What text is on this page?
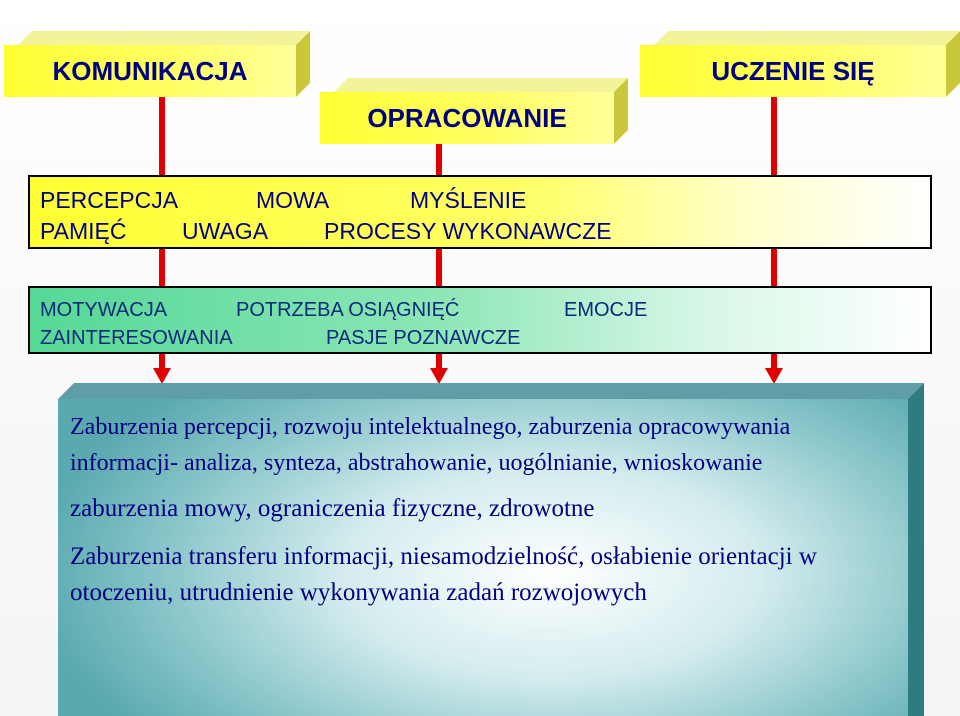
KOMUNIKACJA
OPRACOWANIE
UCZENIE SIĘ
PERCEPCJA	MOWA	MYŚLENIE
PAMIĘĆ	UWAGA	PROCESY WYKONAWCZE
MOTYWACJA	POTRZEBA OSIĄGNIĘĆ	EMOCJE
ZAINTERESOWANIA	PASJE POZNAWCZE

Zaburzenia percepcji, rozwoju intelektualnego, zaburzenia opracowywania informacji- analiza, synteza, abstrahowanie, uogólnianie, wnioskowanie

zaburzenia mowy, ograniczenia fizyczne, zdrowotne

Zaburzenia transferu informacji, niesamodzielność, osłabienie orientacji w otoczeniu, utrudnienie wykonywania zadań rozwojowych
